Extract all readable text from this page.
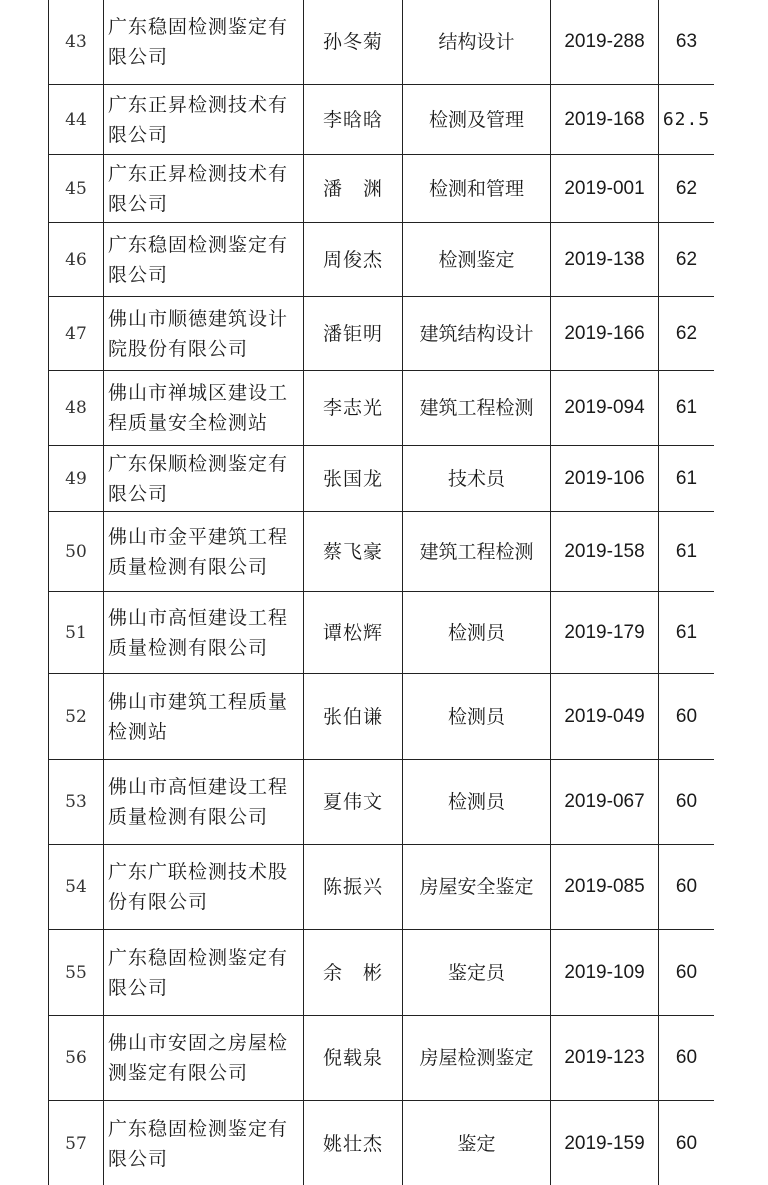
43	广东稳固检测鉴定有限公司	孙冬菊	结构设计	2019-288	63
44	广东正昇检测技术有限公司	李晗晗	检测及管理	2019-168	62.5
45	广东正昇检测技术有限公司	潘　渊	检测和管理	2019-001	62
46	广东稳固检测鉴定有限公司	周俊杰	检测鉴定	2019-138	62
47	佛山市顺德建筑设计院股份有限公司	潘钜明	建筑结构设计	2019-166	62
48	佛山市禅城区建设工程质量安全检测站	李志光	建筑工程检测	2019-094	61
49	广东保顺检测鉴定有限公司	张国龙	技术员	2019-106	61
50	佛山市金平建筑工程质量检测有限公司	蔡飞豪	建筑工程检测	2019-158	61
51	佛山市高恒建设工程质量检测有限公司	谭松辉	检测员	2019-179	61
52	佛山市建筑工程质量检测站	张伯谦	检测员	2019-049	60
53	佛山市高恒建设工程质量检测有限公司	夏伟文	检测员	2019-067	60
54	广东广联检测技术股份有限公司	陈振兴	房屋安全鉴定	2019-085	60
55	广东稳固检测鉴定有限公司	余　彬	鉴定员	2019-109	60
56	佛山市安固之房屋检测鉴定有限公司	倪载泉	房屋检测鉴定	2019-123	60
57	广东稳固检测鉴定有限公司	姚壮杰	鉴定	2019-159	60
